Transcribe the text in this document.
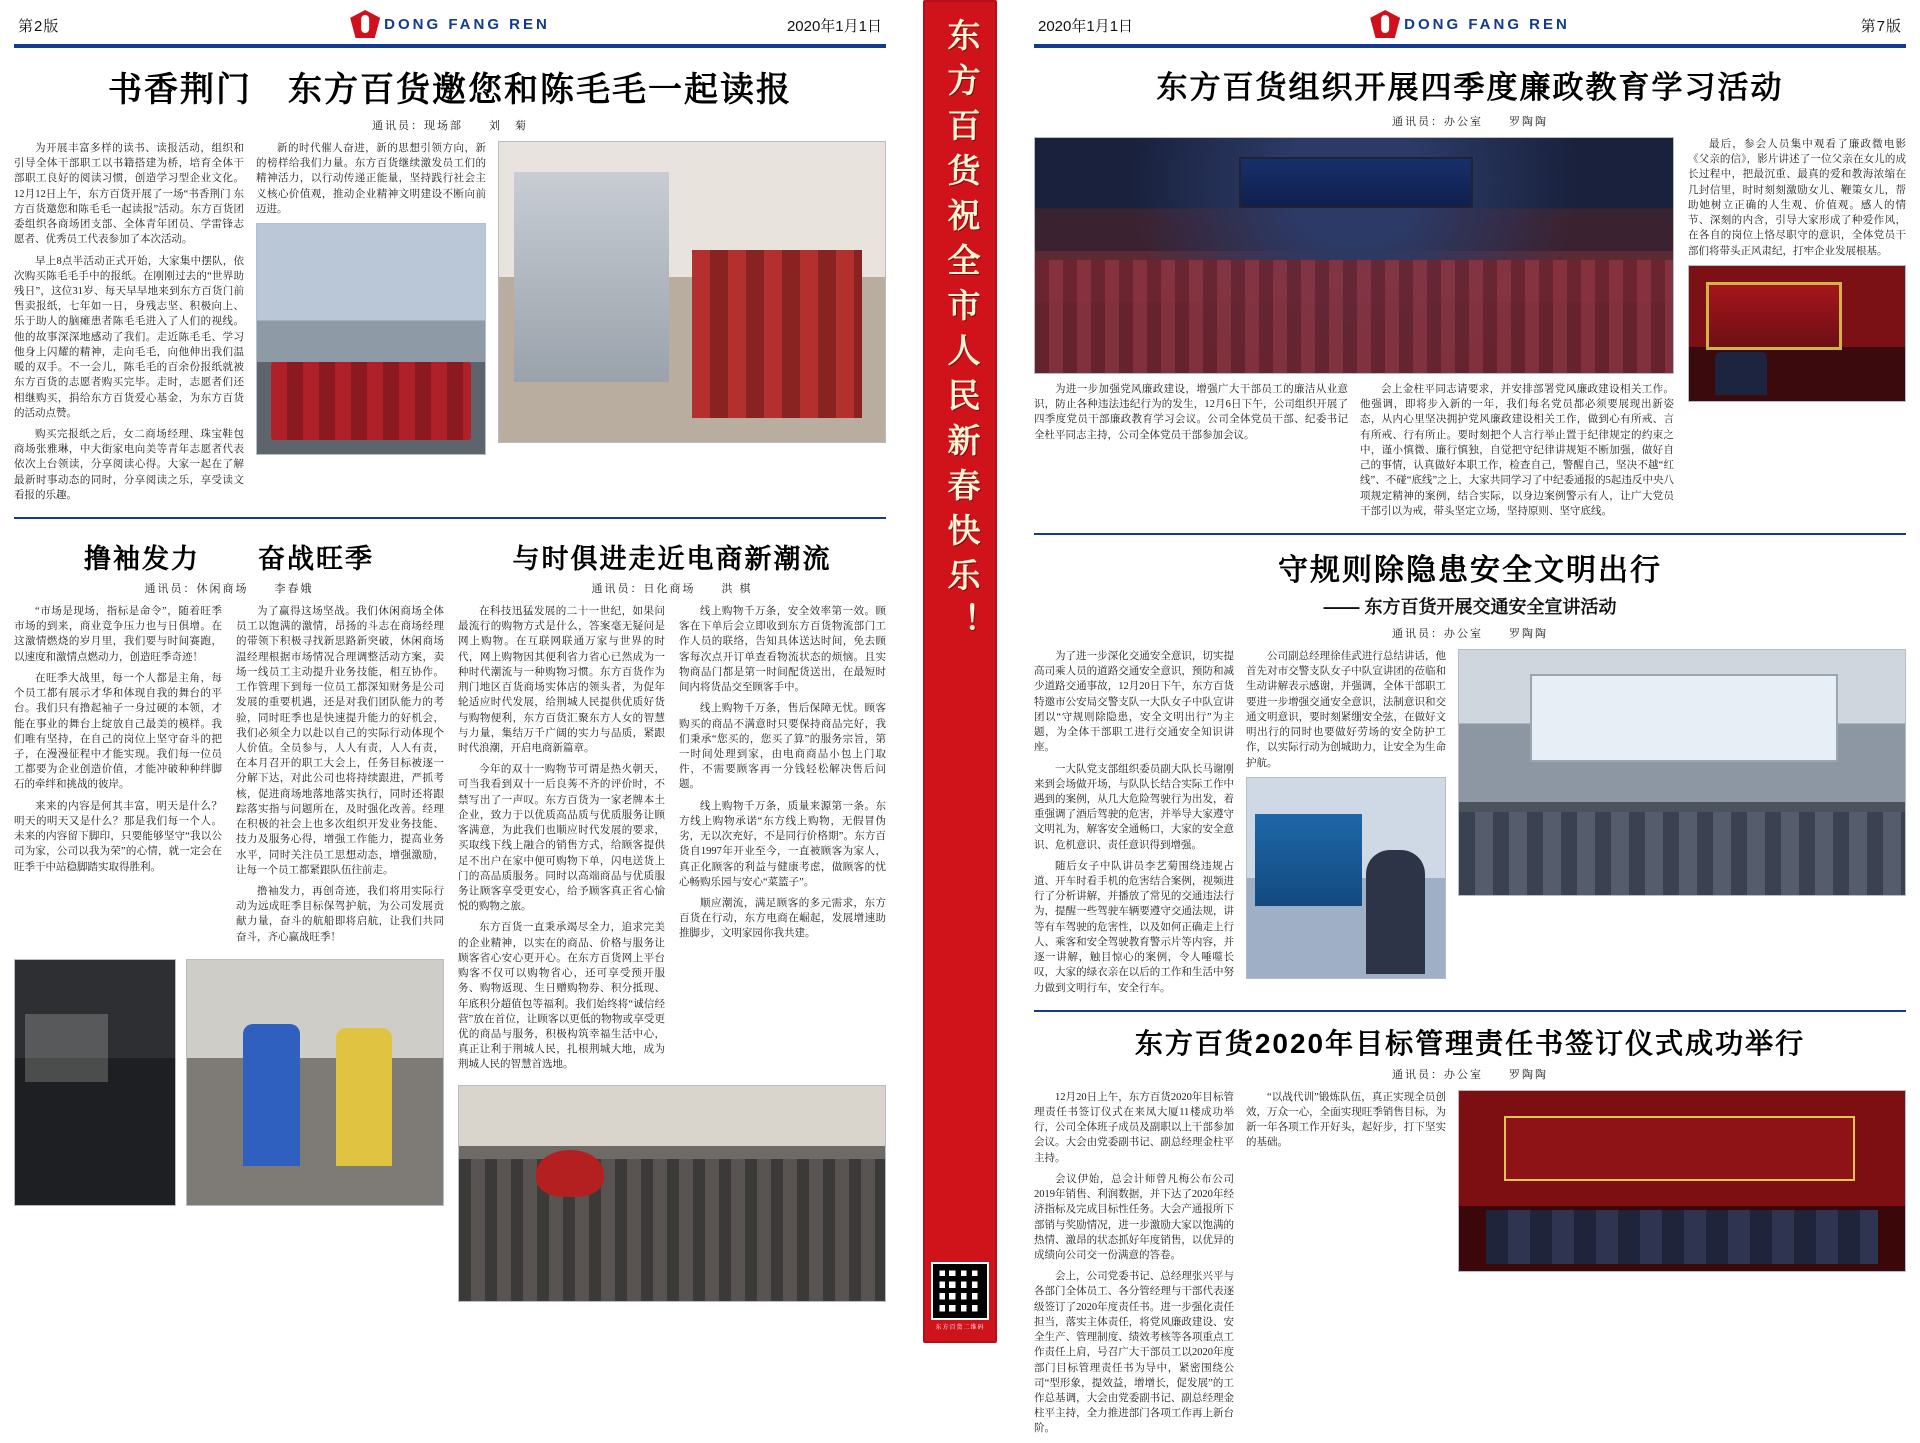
第2版	DONG FANG REN	2020年1月1日
书香荆门　东方百货邀您和陈毛毛一起读报
通讯员：现场部　　刘　菊

为开展丰富多样的读书、读报活动，组织和引导全体干部职工以书籍搭建为桥，培育全体干部职工良好的阅读习惯，创造学习型企业文化。12月12日上午，东方百货开展了一场“书香荆门 东方百货邀您和陈毛毛一起读报”活动。东方百货团委组织各商场团支部、全体青年团员、学雷锋志愿者、优秀员工代表参加了本次活动。

早上8点半活动正式开始，大家集中摆队，依次购买陈毛毛手中的报纸。在刚刚过去的“世界助残日”，这位31岁、每天早早地来到东方百货门前售卖报纸，七年如一日，身残志坚、积极向上、乐于助人的脑瘫患者陈毛毛进入了人们的视线。他的故事深深地感动了我们。走近陈毛毛、学习他身上闪耀的精神，走向毛毛，向他伸出我们温暖的双手。不一会儿，陈毛毛的百余份报纸就被东方百货的志愿者购买完毕。走时，志愿者们还相继购买，捐给东方百货爱心基金，为东方百货的活动点赞。

购买完报纸之后，女二商场经理、珠宝鞋包商场张雅琳，中大街家电向美等青年志愿者代表依次上台领读，分享阅读心得。大家一起在了解最新时事动态的同时，分享阅读之乐，享受读文看报的乐趣。

新的时代催人奋进，新的思想引领方向，新的榜样给我们力量。东方百货继续激发员工们的精神活力，以行动传递正能量，坚持践行社会主义核心价值观，推动企业精神文明建设不断向前迈进。

撸袖发力　　奋战旺季
通讯员：休闲商场　　李春娥

“市场是现场，指标是命令”，随着旺季市场的到来，商业竞争压力也与日俱增。在这激情燃烧的岁月里，我们要与时间赛跑，以速度和激情点燃动力，创造旺季奇迹！

在旺季大战里，每一个人都是主角，每个员工都有展示才华和体现自我的舞台的平台。我们只有撸起袖子一身过硬的本领，才能在事业的舞台上绽放自己最美的模样。我们唯有坚持，在自己的岗位上坚守奋斗的把子，在漫漫征程中才能实现。我们每一位员工都要为企业创造价值，才能冲破种种绊脚石的牵绊和挑战的彼岸。

来来的内容是何其丰富，明天是什么？明天的明天又是什么？那是我们每一个人。未来的内容留下脚印，只要能够坚守“我以公司为家，公司以我为荣”的心情，就一定会在旺季干中站稳脚踏实取得胜利。

为了赢得这场坚战。我们休闲商场全体员工以饱满的激情，昂扬的斗志在商场经理的带领下积极寻找新思路新突破，休闲商场温经理根据市场情况合理调整活动方案，卖场一线员工主动提升业务技能，相互协作。工作管理下到每一位员工都深知财务是公司发展的重要机遇，还是对我们团队能力的考验，同时旺季也是快速提升能力的好机会，我们必须全力以赴以自己的实际行动体现个人价值。全员参与，人人有责，人人有责，在本月召开的职工大会上，任务目标被逐一分解下达，对此公司也将持续跟进，严抓考核，促进商场地落地落实执行，同时还将跟踪落实指与问题所在，及时强化改善。经理在积极的社会上也多次组织开发业务技能、技力及服务心得，增强工作能力，提高业务水平，同时关注员工思想动态，增强激励，让每一个员工都紧跟队伍往前走。

撸袖发力，再创奇迹，我们将用实际行动为远成旺季目标保驾护航，为公司发展贡献力量，奋斗的航船即将启航，让我们共同奋斗，齐心赢战旺季！

与时俱进走近电商新潮流
通讯员：日化商场　　洪 棋

在科技迅猛发展的二十一世纪，如果问最流行的购物方式是什么，答案毫无疑问是网上购物。在互联网联通万家与世界的时代，网上购物因其便利省力省心已然成为一种时代潮流与一种购物习惯。东方百货作为荆门地区百货商场实体店的领头者，为促年轮适应时代发展，给荆城人民提供优质好货与购物便利，东方百货汇聚东方人女的智慧与力量，集结万千广阔的实力与品质，紧跟时代浪潮，开启电商新篇章。

今年的双十一购物节可谓是热火朝天，可当我看到双十一后良莠不齐的评价时，不禁写出了一声叹。东方百货为一家老牌本土企业，致力于以优质高品质与优质服务让顾客满意，为此我们也顺应时代发展的要求，买取线下线上融合的销售方式，给顾客提供足不出户在家中便可购物下单，闪电送货上门的高品质服务。同时以高端商品与优质服务让顾客享受更安心，给予顾客真正省心愉悦的购物之旅。

东方百货一直秉承竭尽全力，追求完美的企业精神，以实在的商品、价格与服务让顾客省心安心更开心。在东方百货网上平台购客不仅可以购物省心，还可享受预开服务、购物返现、生日赠购物券、积分抵现、年底积分超值包等福利。我们始终将“诚信经营”放在首位，让顾客以更低的物物或享受更优的商品与服务，积极构筑幸福生活中心，真正让利于荆城人民，扎根荆城大地，成为荆城人民的智慧首选地。

线上购物千万条，安全效率第一效。顾客在下单后会立即收到东方百货物流部门工作人员的联络，告知具体送达时间，免去顾客每次点开订单查看物流状态的烦恼。且实物商品门都是第一时间配货送出，在最短时间内将货品交至顾客手中。

线上购物千万条，售后保障无忧。顾客购买的商品不满意时只要保持商品完好，我们秉承“您买的，您买了算”的服务宗旨，第一时间处理到家，由电商商品小包上门取件，不需要顾客再一分钱轻松解决售后问题。

线上购物千万条，质量来源第一条。东方线上购物承诺“东方线上购物，无假冒伪劣，无以次充好，不是同行价格期”。东方百货自1997年开业至今，一直被顾客为家人，真正化顾客的利益与健康考虑，做顾客的忧心畅购乐园与安心“菜篮子”。

顺应潮流，满足顾客的多元需求，东方百货在行动，东方电商在崛起，发展增速助推脚步，文明家园你我共建。

东方百货祝全市人民新春快乐！
东方百货二维码
2020年1月1日	DONG FANG REN	第7版
东方百货组织开展四季度廉政教育学习活动
通讯员：办公室　　罗陶陶

为进一步加强党风廉政建设，增强广大干部员工的廉洁从业意识，防止各种违法违纪行为的发生，12月6日下午，公司组织开展了四季度党员干部廉政教育学习会议。公司全体党员干部、纪委书记全杜平同志主持，公司全体党员干部参加会议。

会上金柱平同志请要求，并安排部署党风廉政建设相关工作。他强调，即将步入新的一年，我们每名党员都必须要展现出新姿态，从内心里坚决拥护党风廉政建设相关工作，做到心有所戒、言有所戒、行有所止。要时刻把个人言行举止置于纪律规定的约束之中，谨小慎微、廉行慎独，自觉把守纪律讲规矩不断加强，做好自己的事情，认真做好本职工作，检查自己，警醒自己，坚决不越“红线”、不碰“底线”之上，大家共同学习了中纪委通报的5起违反中央八项规定精神的案例，结合实际，以身边案例警示有人，让广大党员干部引以为戒，带头坚定立场，坚持原则、坚守底线。

最后，参会人员集中观看了廉政微电影《父亲的信》，影片讲述了一位父亲在女儿的成长过程中，把最沉重、最真的爱和教海浓缩在几封信里，时时刻刻激励女儿、鞭策女儿，帮助她树立正确的人生观、价值观。感人的情节、深刻的内含，引导大家形成了种爱作风，在各自的岗位上恪尽职守的意识，全体党员干部们将带头正风肃纪，打牢企业发展根基。

守规则除隐患安全文明出行
—— 东方百货开展交通安全宣讲活动
通讯员：办公室　　罗陶陶

为了进一步深化交通安全意识，切实提高司乘人员的道路交通安全意识，预防和减少道路交通事故，12月20日下午，东方百货特邀市公安局交警支队一大队女子中队宣讲团以“守规则除隐患，安全文明出行”为主题，为全体干部职工进行交通安全知识讲座。

一大队党支部组织委员副大队长马谢刚来到会场做开场，与队队长结合实际工作中遇到的案例，从几大危险驾驶行为出发，着重强调了酒后驾驶的危害，并举导大家遵守文明礼为，解客安全通畅口，大家的安全意识、危机意识、责任意识得到增强。

随后女子中队讲员李艺菊围绕违规占道、开车时看手机的危害结合案例，视频进行了分析讲解，并播放了常见的交通违法行为，提醒一些驾驶车辆要遵守交通法规，讲等有车驾驶的危害性，以及如何正确走上行人、乘客和安全驾驶教育警示片等内容，并逐一讲解，触目惊心的案例，令人唾噬长叹，大家的绿衣亲在以后的工作和生活中努力做到文明行车，安全行车。

公司副总经理徐佳武进行总结讲话，他首先对市交警支队女子中队宣讲团的莅临和生动讲解表示感谢，并强调，全体干部职工要进一步增强交通安全意识，法制意识和交通文明意识，要时刻紧绷安全弦，在做好文明出行的同时也要做好劳场的安全防护工作，以实际行动为创城助力，让安全为生命护航。

东方百货2020年目标管理责任书签订仪式成功举行
通讯员：办公室　　罗陶陶

12月20日上午，东方百货2020年目标管理责任书签订仪式在来凤大厦11楼成功举行，公司全体班子成员及副职以上干部参加会议。大会由党委副书记、副总经理金柱平主持。

会议伊始，总会计师曾凡梅公布公司2019年销售、利润数据，并下达了2020年经济指标及完成目标性任务。大会产通报所下部销与奖励情况，进一步激励大家以饱满的热情、激昂的状态抓好年度销售，以优异的成绩向公司交一份满意的答卷。

会上，公司党委书记、总经理张兴平与各部门全体员工、各分管经理与干部代表逐级签订了2020年度责任书。进一步强化责任担当，落实主体责任，将党风廉政建设、安全生产、管理制度、绩效考核等各项重点工作责任上肩，号召广大干部员工以2020年度部门目标管理责任书为导中，紧密围绕公司“型形象，提效益，增增长，促发展”的工作总基调，大会由党委副书记、副总经理金柱平主持，全力推进部门各项工作再上新台阶。

“以战代训”锻炼队伍，真正实现全员创效，万众一心，全面实现旺季销售目标，为新一年各项工作开好头，起好步，打下坚实的基础。
